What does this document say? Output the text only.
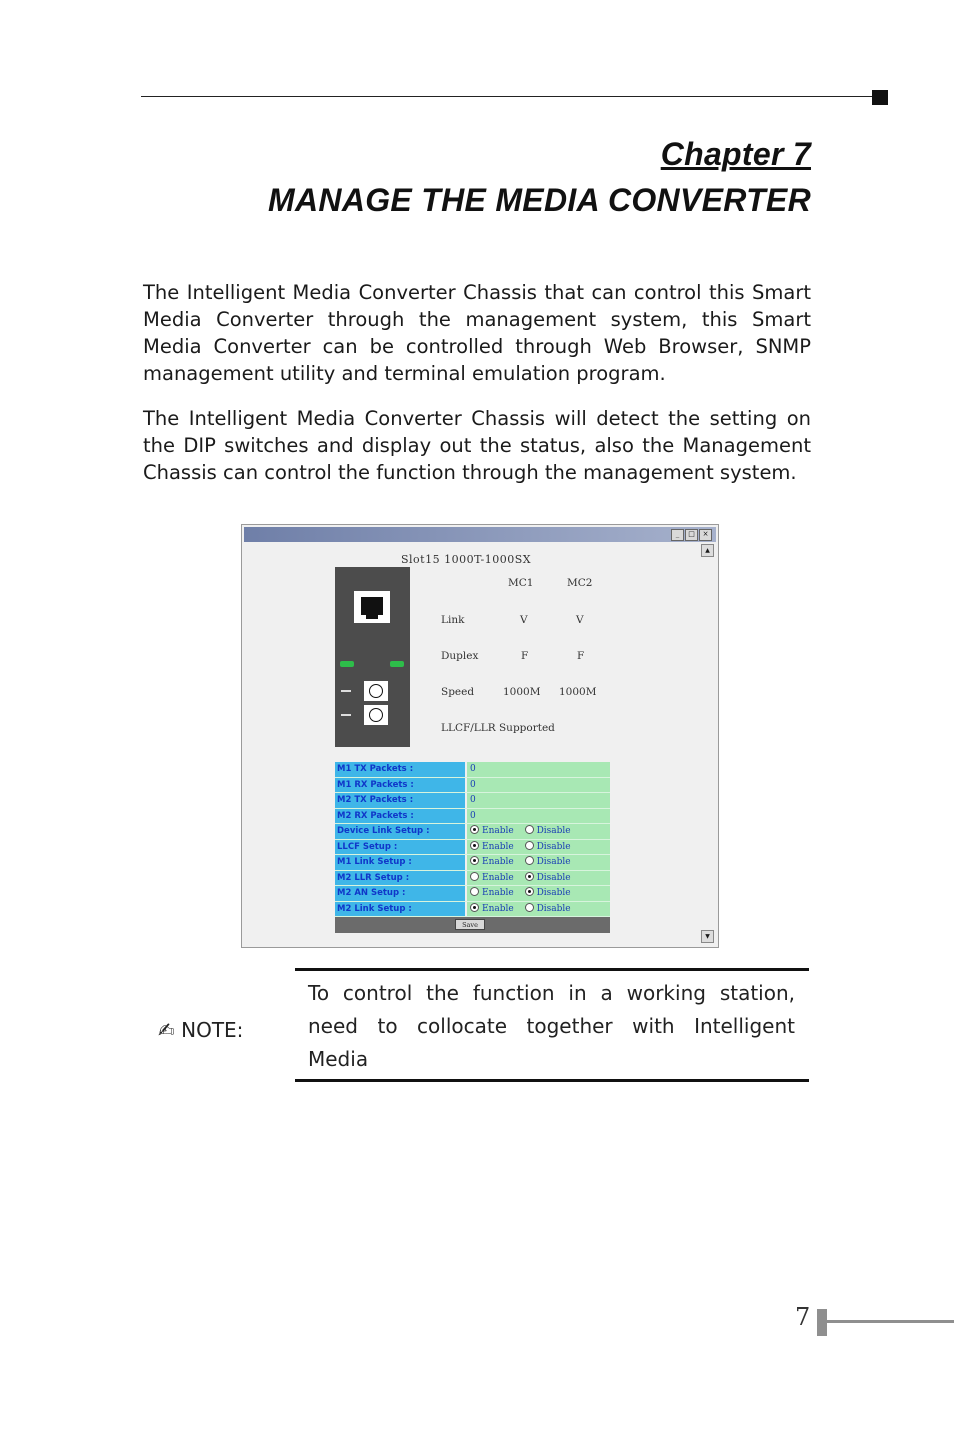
Chapter 7
MANAGE THE MEDIA CONVERTER

The Intelligent Media Converter Chassis that can control this Smart Media Converter through the management system, this Smart Media Converter can be controlled through Web Browser, SNMP management utility and terminal emulation program.

The Intelligent Media Converter Chassis will detect the setting on the DIP switches and display out the status, also the Management Chassis can control the function through the management system.

_	□	×
▲
▼
Slot15 1000T-1000SX
MC1	MC2
Link	V	V
Duplex	F	F
Speed	1000M 1000M
LLCF/LLR Supported
M1 TX Packets :	0
M1 RX Packets :	0
M2 TX Packets :	0
M2 RX Packets :	0
Device Link Setup :	Enable	Disable
LLCF Setup :	Enable	Disable
M1 Link Setup :	Enable	Disable
M2 LLR Setup :	Enable	Disable
M2 AN Setup :	Enable	Disable
M2 Link Setup :	Enable	Disable
Save
✍ NOTE:

To control the function in a working station, need to collocate together with Intelligent Media

7
